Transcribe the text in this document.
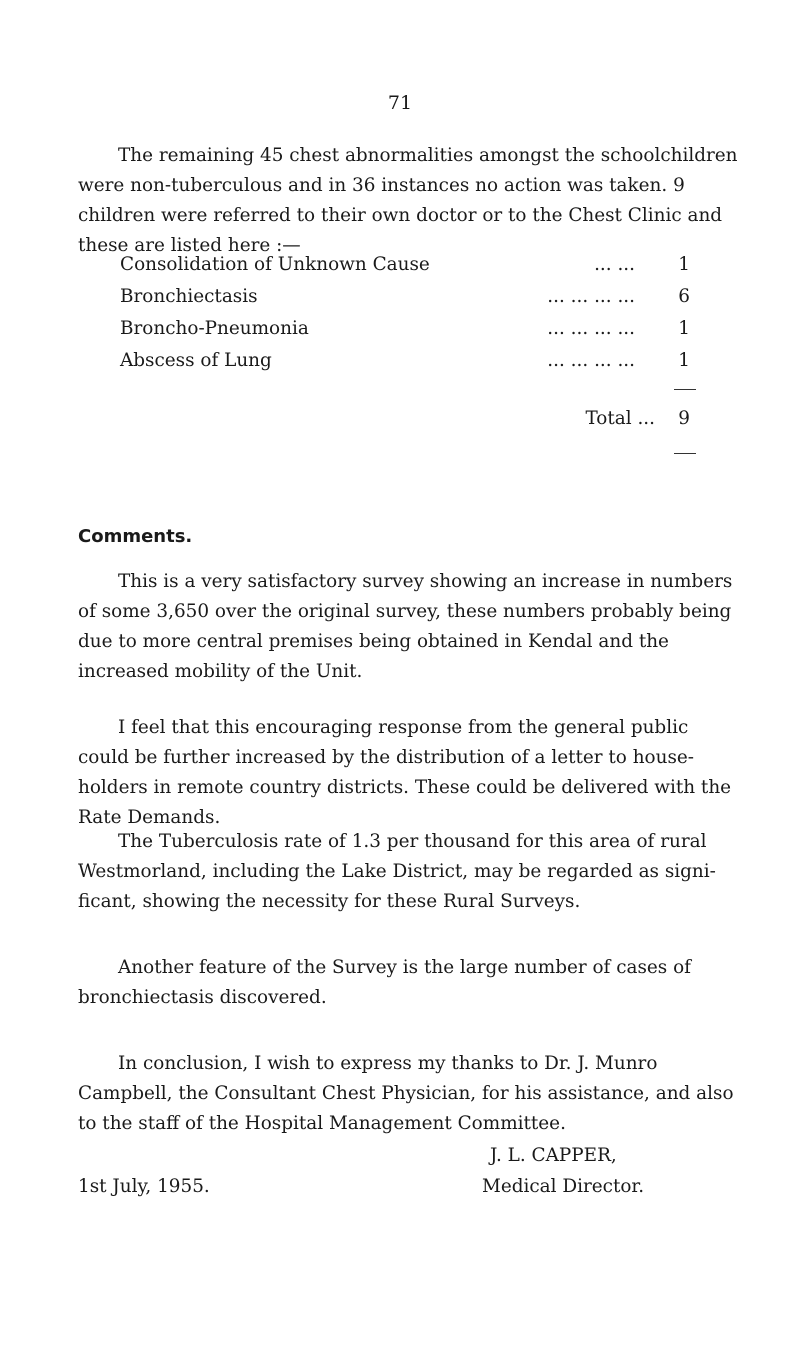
71

The remaining 45 chest abnormalities amongst the schoolchildren were non-tuberculous and in 36 instances no action was taken. 9 children were referred to their own doctor or to the Chest Clinic and these are listed here :—

Consolidation of Unknown Cause	... ...	1
Bronchiectasis	... ... ... ...	6
Broncho-Pneumonia	... ... ... ...	1
Abscess of Lung	... ... ... ...	1
Total ...	9
Comments.

This is a very satisfactory survey showing an increase in numbers of some 3,650 over the original survey, these numbers probably being due to more central premises being obtained in Kendal and the increased mobility of the Unit.

I feel that this encouraging response from the general public could be further increased by the distribution of a letter to householders in remote country districts. These could be delivered with the Rate Demands.

The Tuberculosis rate of 1.3 per thousand for this area of rural Westmorland, including the Lake District, may be regarded as significant, showing the necessity for these Rural Surveys.

Another feature of the Survey is the large number of cases of bronchiectasis discovered.

In conclusion, I wish to express my thanks to Dr. J. Munro Campbell, the Consultant Chest Physician, for his assistance, and also to the staff of the Hospital Management Committee.

J. L. CAPPER,
1st July, 1955.	Medical Director.
